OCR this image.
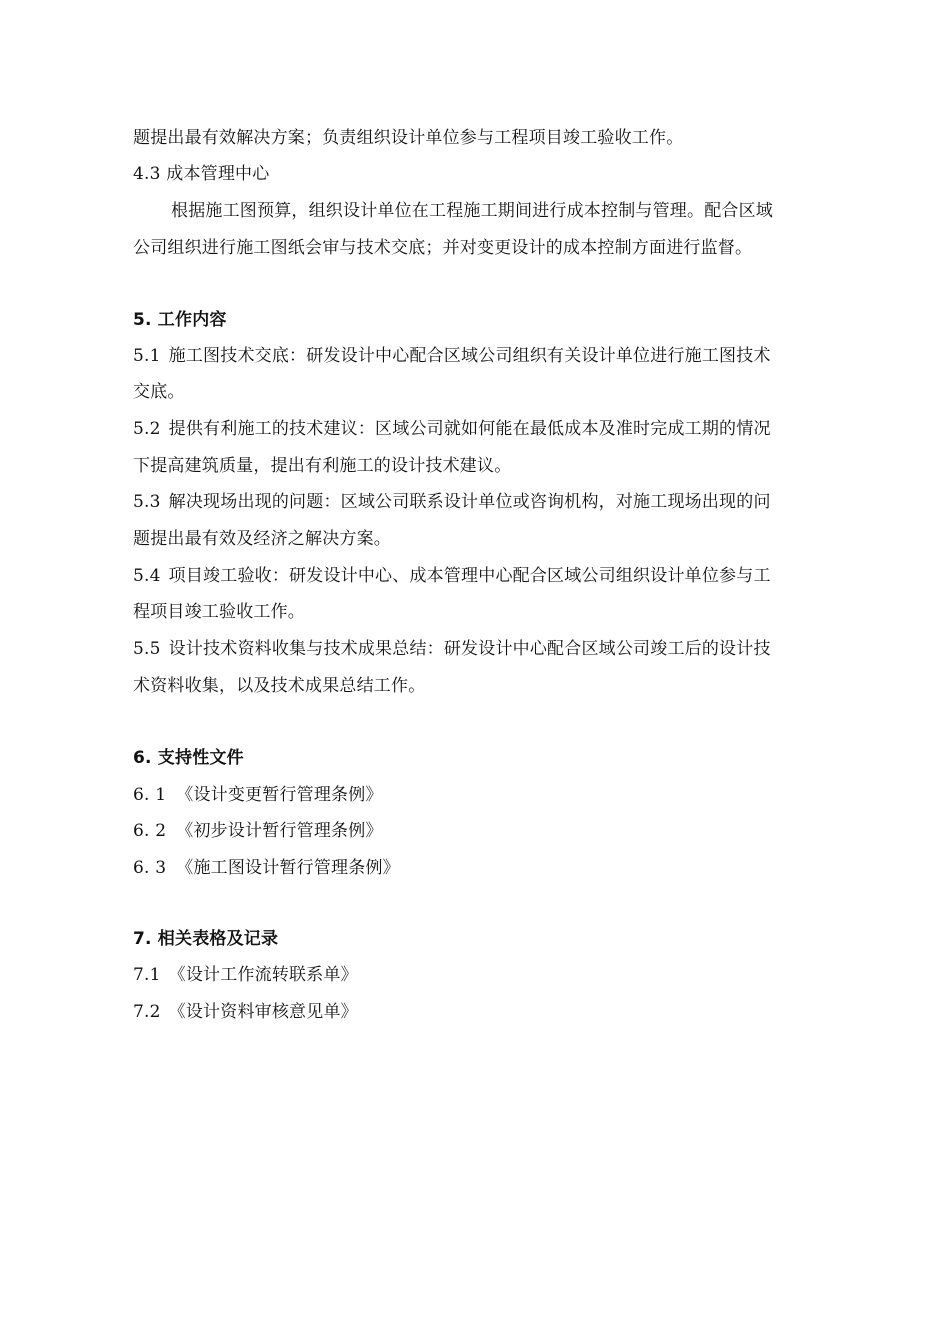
题提出最有效解决方案；负责组织设计单位参与工程项目竣工验收工作。
4.3 成本管理中心
根据施工图预算，组织设计单位在工程施工期间进行成本控制与管理。配合区域
公司组织进行施工图纸会审与技术交底；并对变更设计的成本控制方面进行监督。
5. 工作内容
5.1 施工图技术交底：研发设计中心配合区域公司组织有关设计单位进行施工图技术
交底。
5.2 提供有利施工的技术建议：区域公司就如何能在最低成本及准时完成工期的情况
下提高建筑质量，提出有利施工的设计技术建议。
5.3 解决现场出现的问题：区域公司联系设计单位或咨询机构，对施工现场出现的问
题提出最有效及经济之解决方案。
5.4 项目竣工验收：研发设计中心、成本管理中心配合区域公司组织设计单位参与工
程项目竣工验收工作。
5.5 设计技术资料收集与技术成果总结：研发设计中心配合区域公司竣工后的设计技
术资料收集，以及技术成果总结工作。
6. 支持性文件
6. 1 《设计变更暂行管理条例》
6. 2 《初步设计暂行管理条例》
6. 3 《施工图设计暂行管理条例》
7. 相关表格及记录
7.1 《设计工作流转联系单》
7.2 《设计资料审核意见单》
